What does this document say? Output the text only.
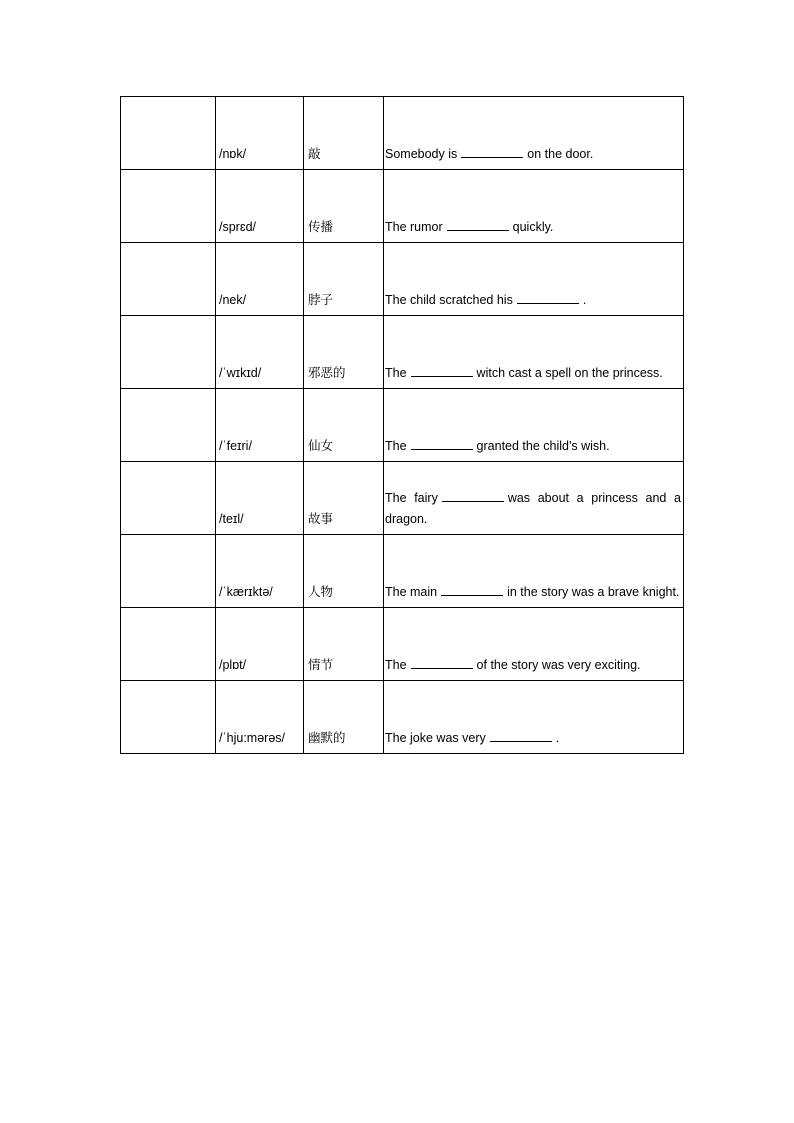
	/nɒk/	敲	Somebody is on the door.
	/sprɛd/	传播	The rumor quickly.
	/nek/	脖子	The child scratched his .
	/ˈwɪkɪd/	邪恶的	The witch cast a spell on the princess.
	/ˈfeɪri/	仙女	The granted the child's wish.
	/teɪl/	故事	The fairy was about a princess and a dragon.
	/ˈkærɪktə/	人物	The main in the story was a brave knight.
	/plɒt/	情节	The of the story was very exciting.
	/ˈhju:mərəs/	幽默的	The joke was very .
